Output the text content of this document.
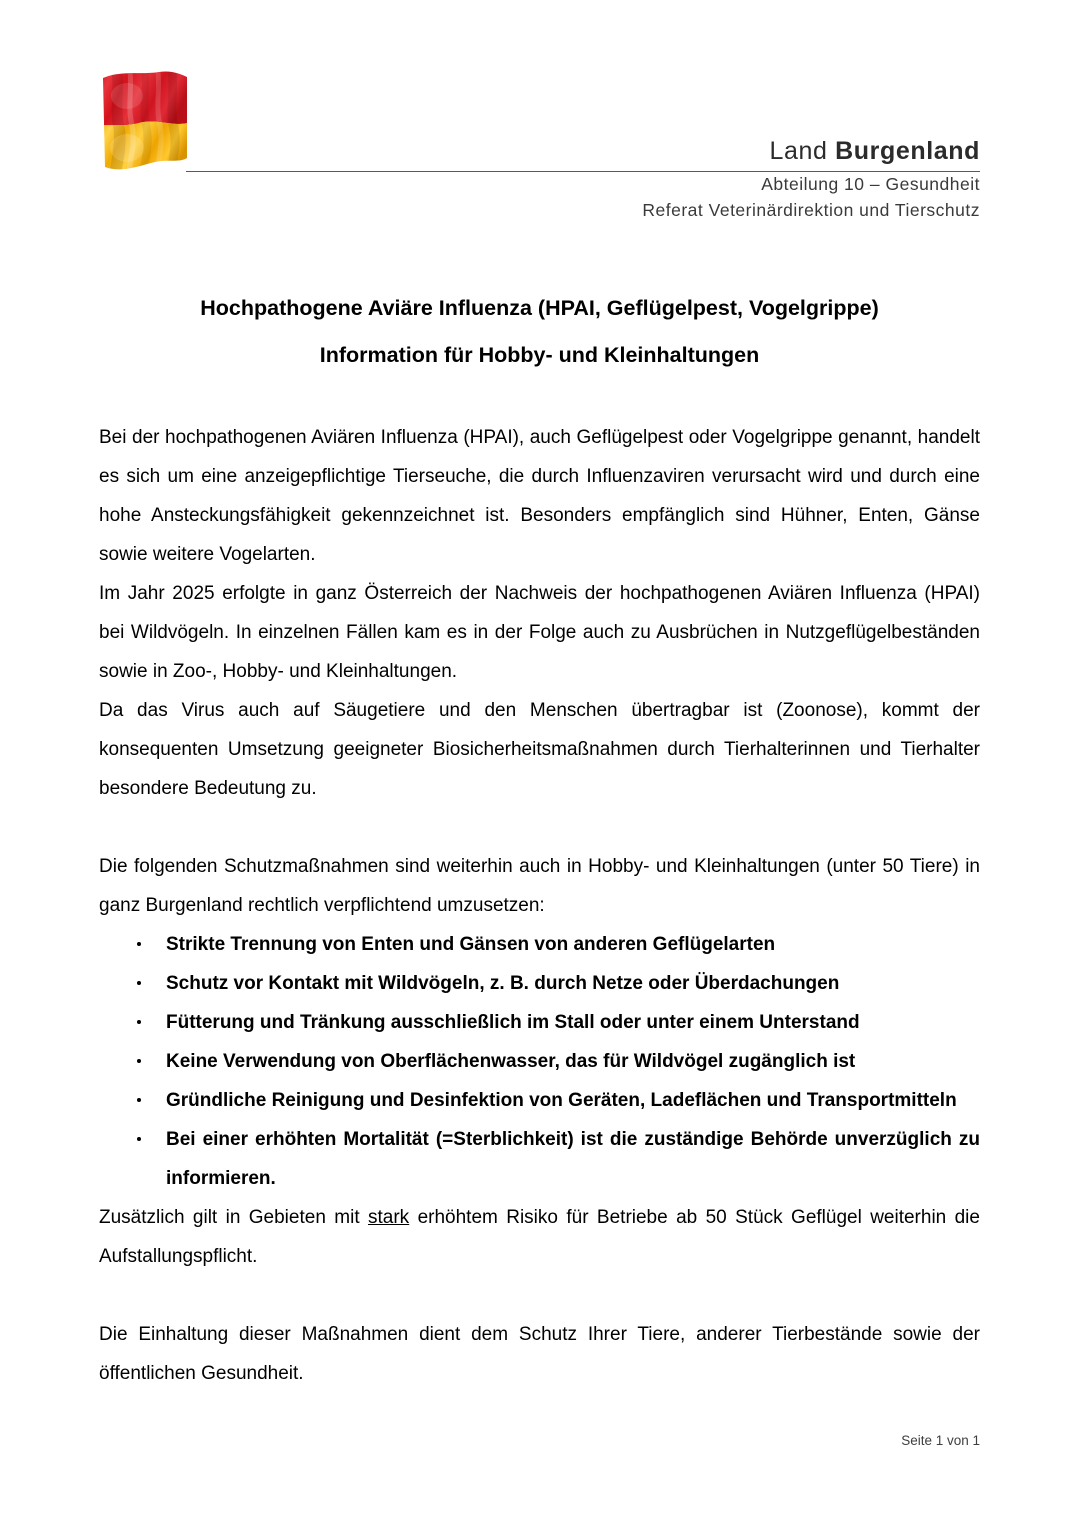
Land Burgenland
Abteilung 10 – Gesundheit
Referat Veterinärdirektion und Tierschutz
Hochpathogene Aviäre Influenza (HPAI, Geflügelpest, Vogelgrippe)
Information für Hobby- und Kleinhaltungen

Bei der hochpathogenen Aviären Influenza (HPAI), auch Geflügelpest oder Vogelgrippe genannt, handelt es sich um eine anzeigepflichtige Tierseuche, die durch Influenzaviren verursacht wird und durch eine hohe Ansteckungsfähigkeit gekennzeichnet ist. Besonders empfänglich sind Hühner, Enten, Gänse sowie weitere Vogelarten.

Im Jahr 2025 erfolgte in ganz Österreich der Nachweis der hochpathogenen Aviären Influenza (HPAI) bei Wildvögeln. In einzelnen Fällen kam es in der Folge auch zu Ausbrüchen in Nutzgeflügelbeständen sowie in Zoo-, Hobby- und Kleinhaltungen.

Da das Virus auch auf Säugetiere und den Menschen übertragbar ist (Zoonose), kommt der konsequenten Umsetzung geeigneter Biosicherheitsmaßnahmen durch Tierhalterinnen und Tierhalter besondere Bedeutung zu.

Die folgenden Schutzmaßnahmen sind weiterhin auch in Hobby- und Kleinhaltungen (unter 50 Tiere) in ganz Burgenland rechtlich verpflichtend umzusetzen:

Strikte Trennung von Enten und Gänsen von anderen Geflügelarten
Schutz vor Kontakt mit Wildvögeln, z. B. durch Netze oder Überdachungen
Fütterung und Tränkung ausschließlich im Stall oder unter einem Unterstand
Keine Verwendung von Oberflächenwasser, das für Wildvögel zugänglich ist
Gründliche Reinigung und Desinfektion von Geräten, Ladeflächen und Transportmitteln
Bei einer erhöhten Mortalität (=Sterblichkeit) ist die zuständige Behörde unverzüglich zu informieren.

Zusätzlich gilt in Gebieten mit stark erhöhtem Risiko für Betriebe ab 50 Stück Geflügel weiterhin die Aufstallungspflicht.

Die Einhaltung dieser Maßnahmen dient dem Schutz Ihrer Tiere, anderer Tierbestände sowie der öffentlichen Gesundheit.

Seite 1 von 1
